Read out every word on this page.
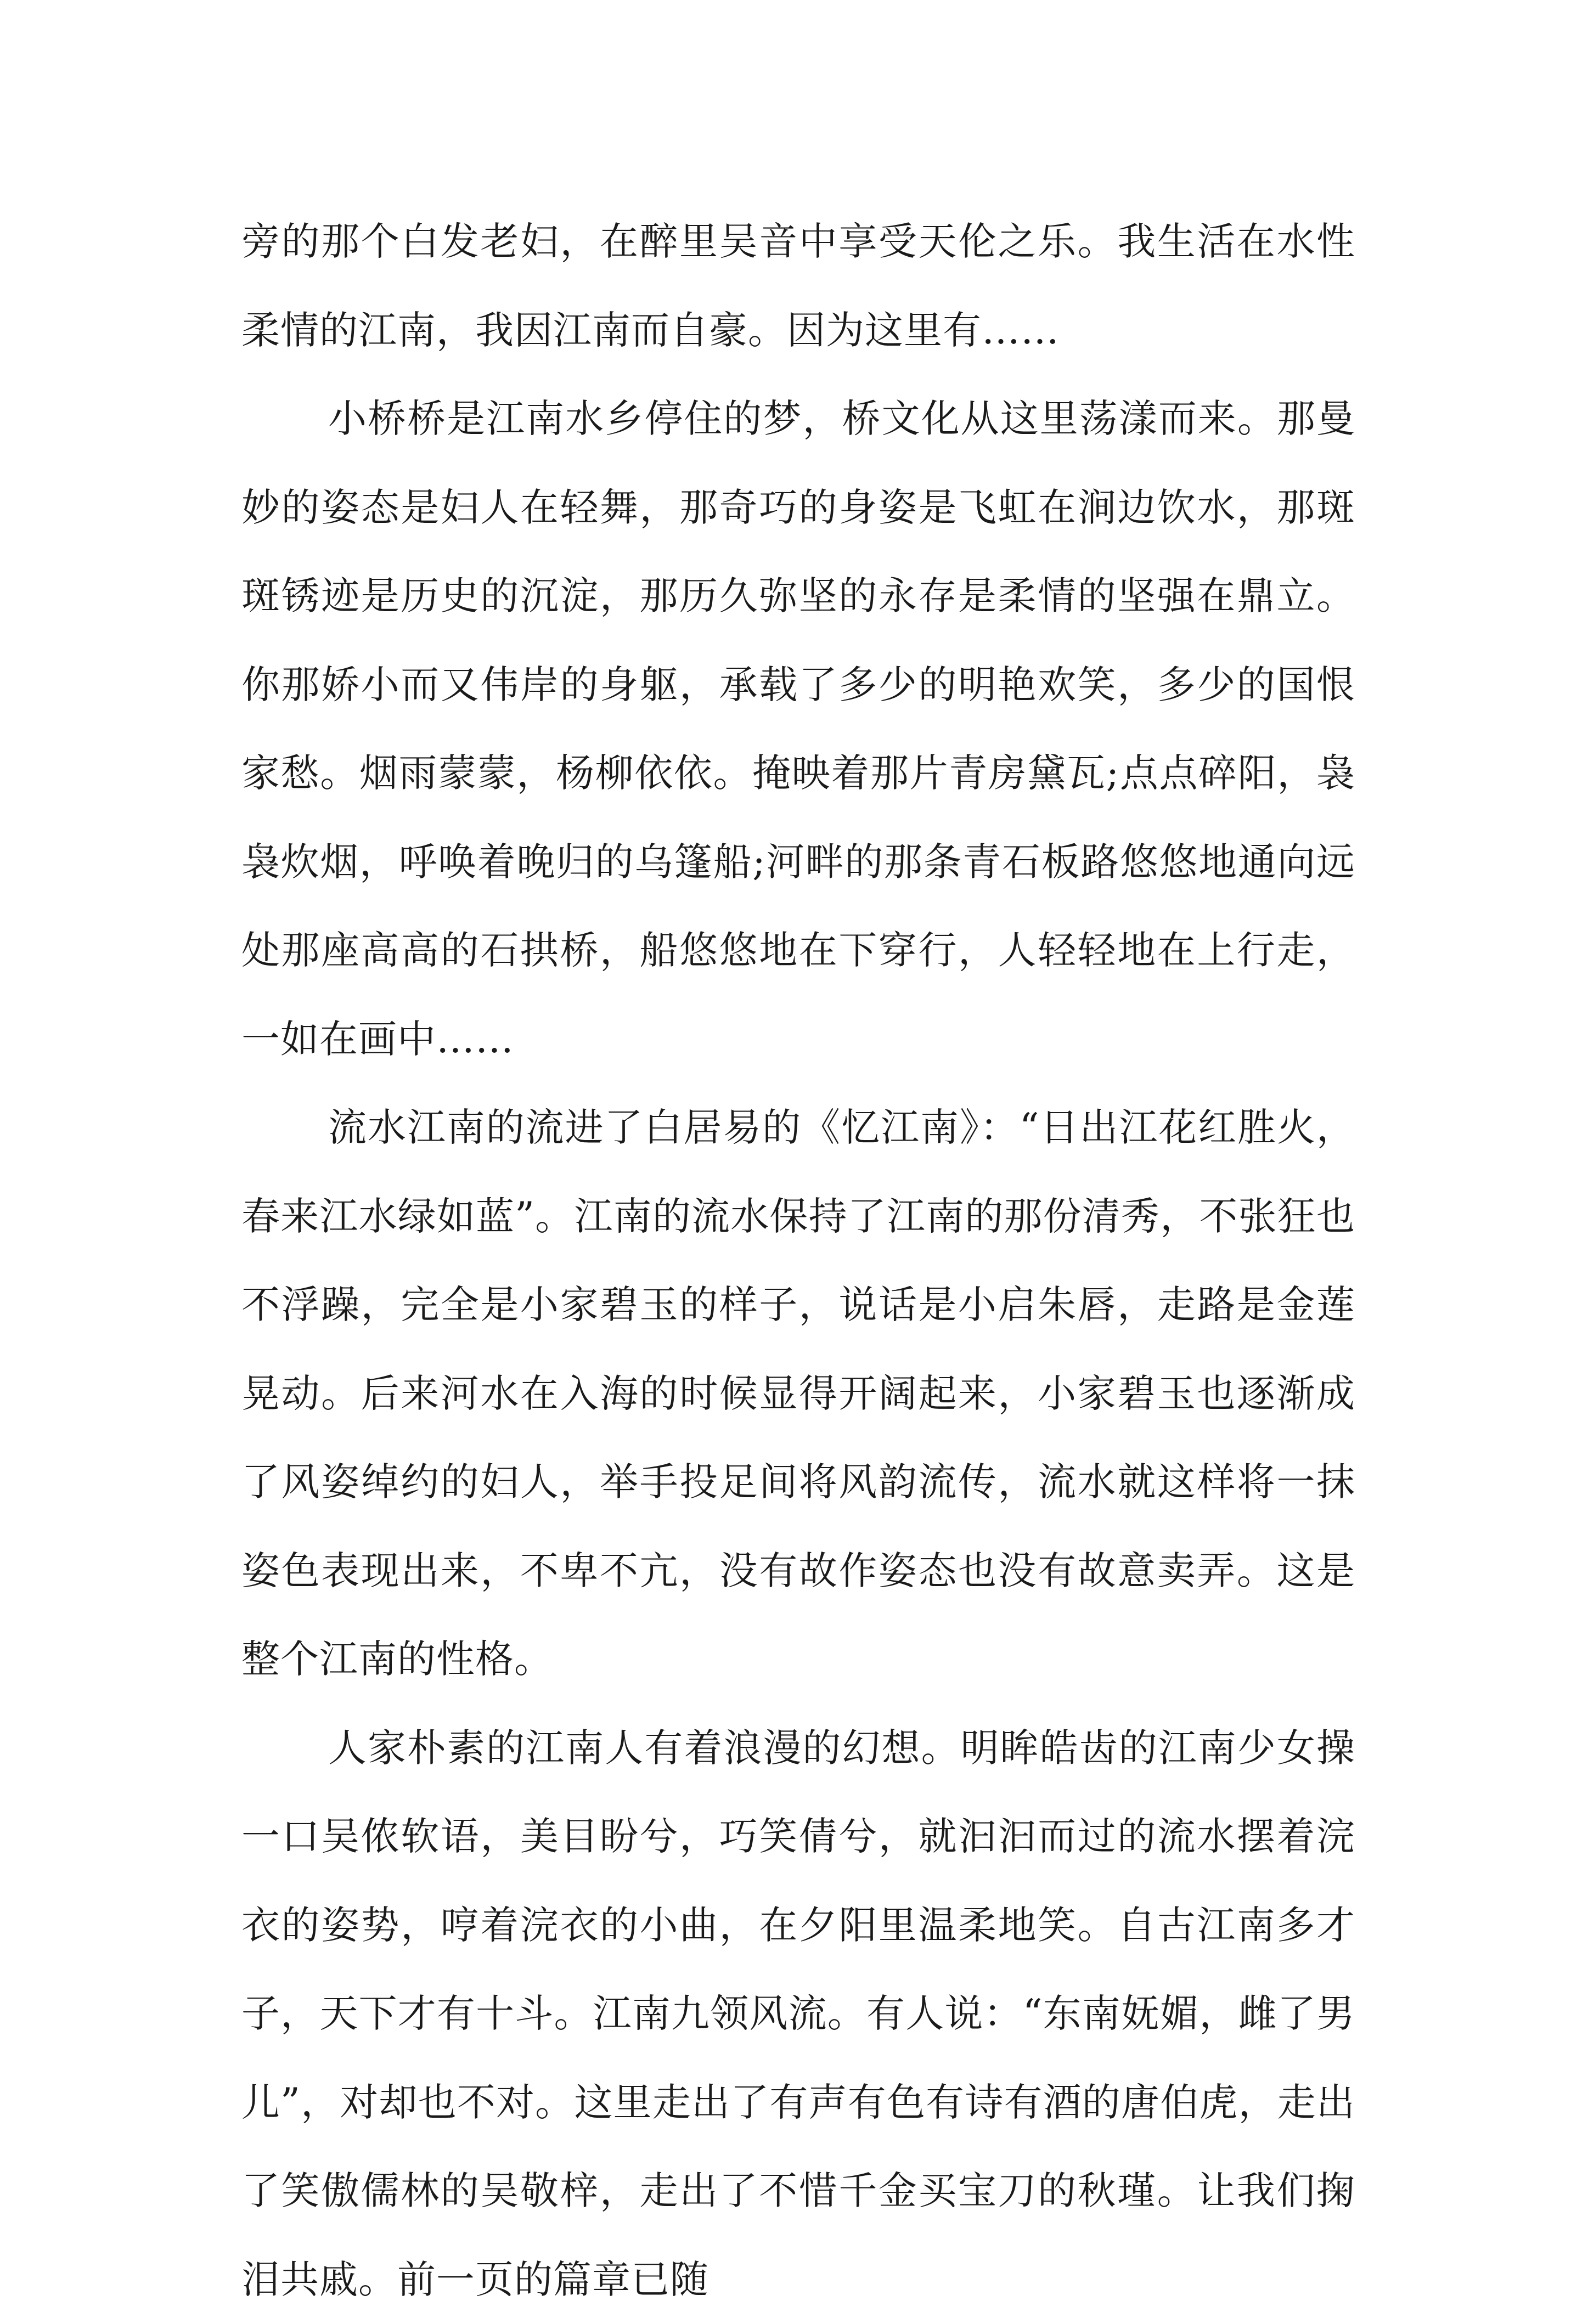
旁的那个白发老妇，在醉里吴音中享受天伦之乐。我生活在水性柔情的江南，我因江南而自豪。因为这里有……

小桥桥是江南水乡停住的梦，桥文化从这里荡漾而来。那曼妙的姿态是妇人在轻舞，那奇巧的身姿是飞虹在涧边饮水，那斑斑锈迹是历史的沉淀，那历久弥坚的永存是柔情的坚强在鼎立。你那娇小而又伟岸的身躯，承载了多少的明艳欢笑，多少的国恨家愁。烟雨蒙蒙，杨柳依依。掩映着那片青房黛瓦;点点碎阳，袅袅炊烟，呼唤着晚归的乌篷船;河畔的那条青石板路悠悠地通向远处那座高高的石拱桥，船悠悠地在下穿行，人轻轻地在上行走，一如在画中……

流水江南的流进了白居易的《忆江南》：“日出江花红胜火，春来江水绿如蓝”。江南的流水保持了江南的那份清秀，不张狂也不浮躁，完全是小家碧玉的样子，说话是小启朱唇，走路是金莲晃动。后来河水在入海的时候显得开阔起来，小家碧玉也逐渐成了风姿绰约的妇人，举手投足间将风韵流传，流水就这样将一抹姿色表现出来，不卑不亢，没有故作姿态也没有故意卖弄。这是整个江南的性格。

人家朴素的江南人有着浪漫的幻想。明眸皓齿的江南少女操一口吴侬软语，美目盼兮，巧笑倩兮，就汩汩而过的流水摆着浣衣的姿势，哼着浣衣的小曲，在夕阳里温柔地笑。自古江南多才子，天下才有十斗。江南九领风流。有人说：“东南妩媚，雌了男儿”，对却也不对。这里走出了有声有色有诗有酒的唐伯虎，走出了笑傲儒林的吴敬梓，走出了不惜千金买宝刀的秋瑾。让我们掬泪共戚。前一页的篇章已随
